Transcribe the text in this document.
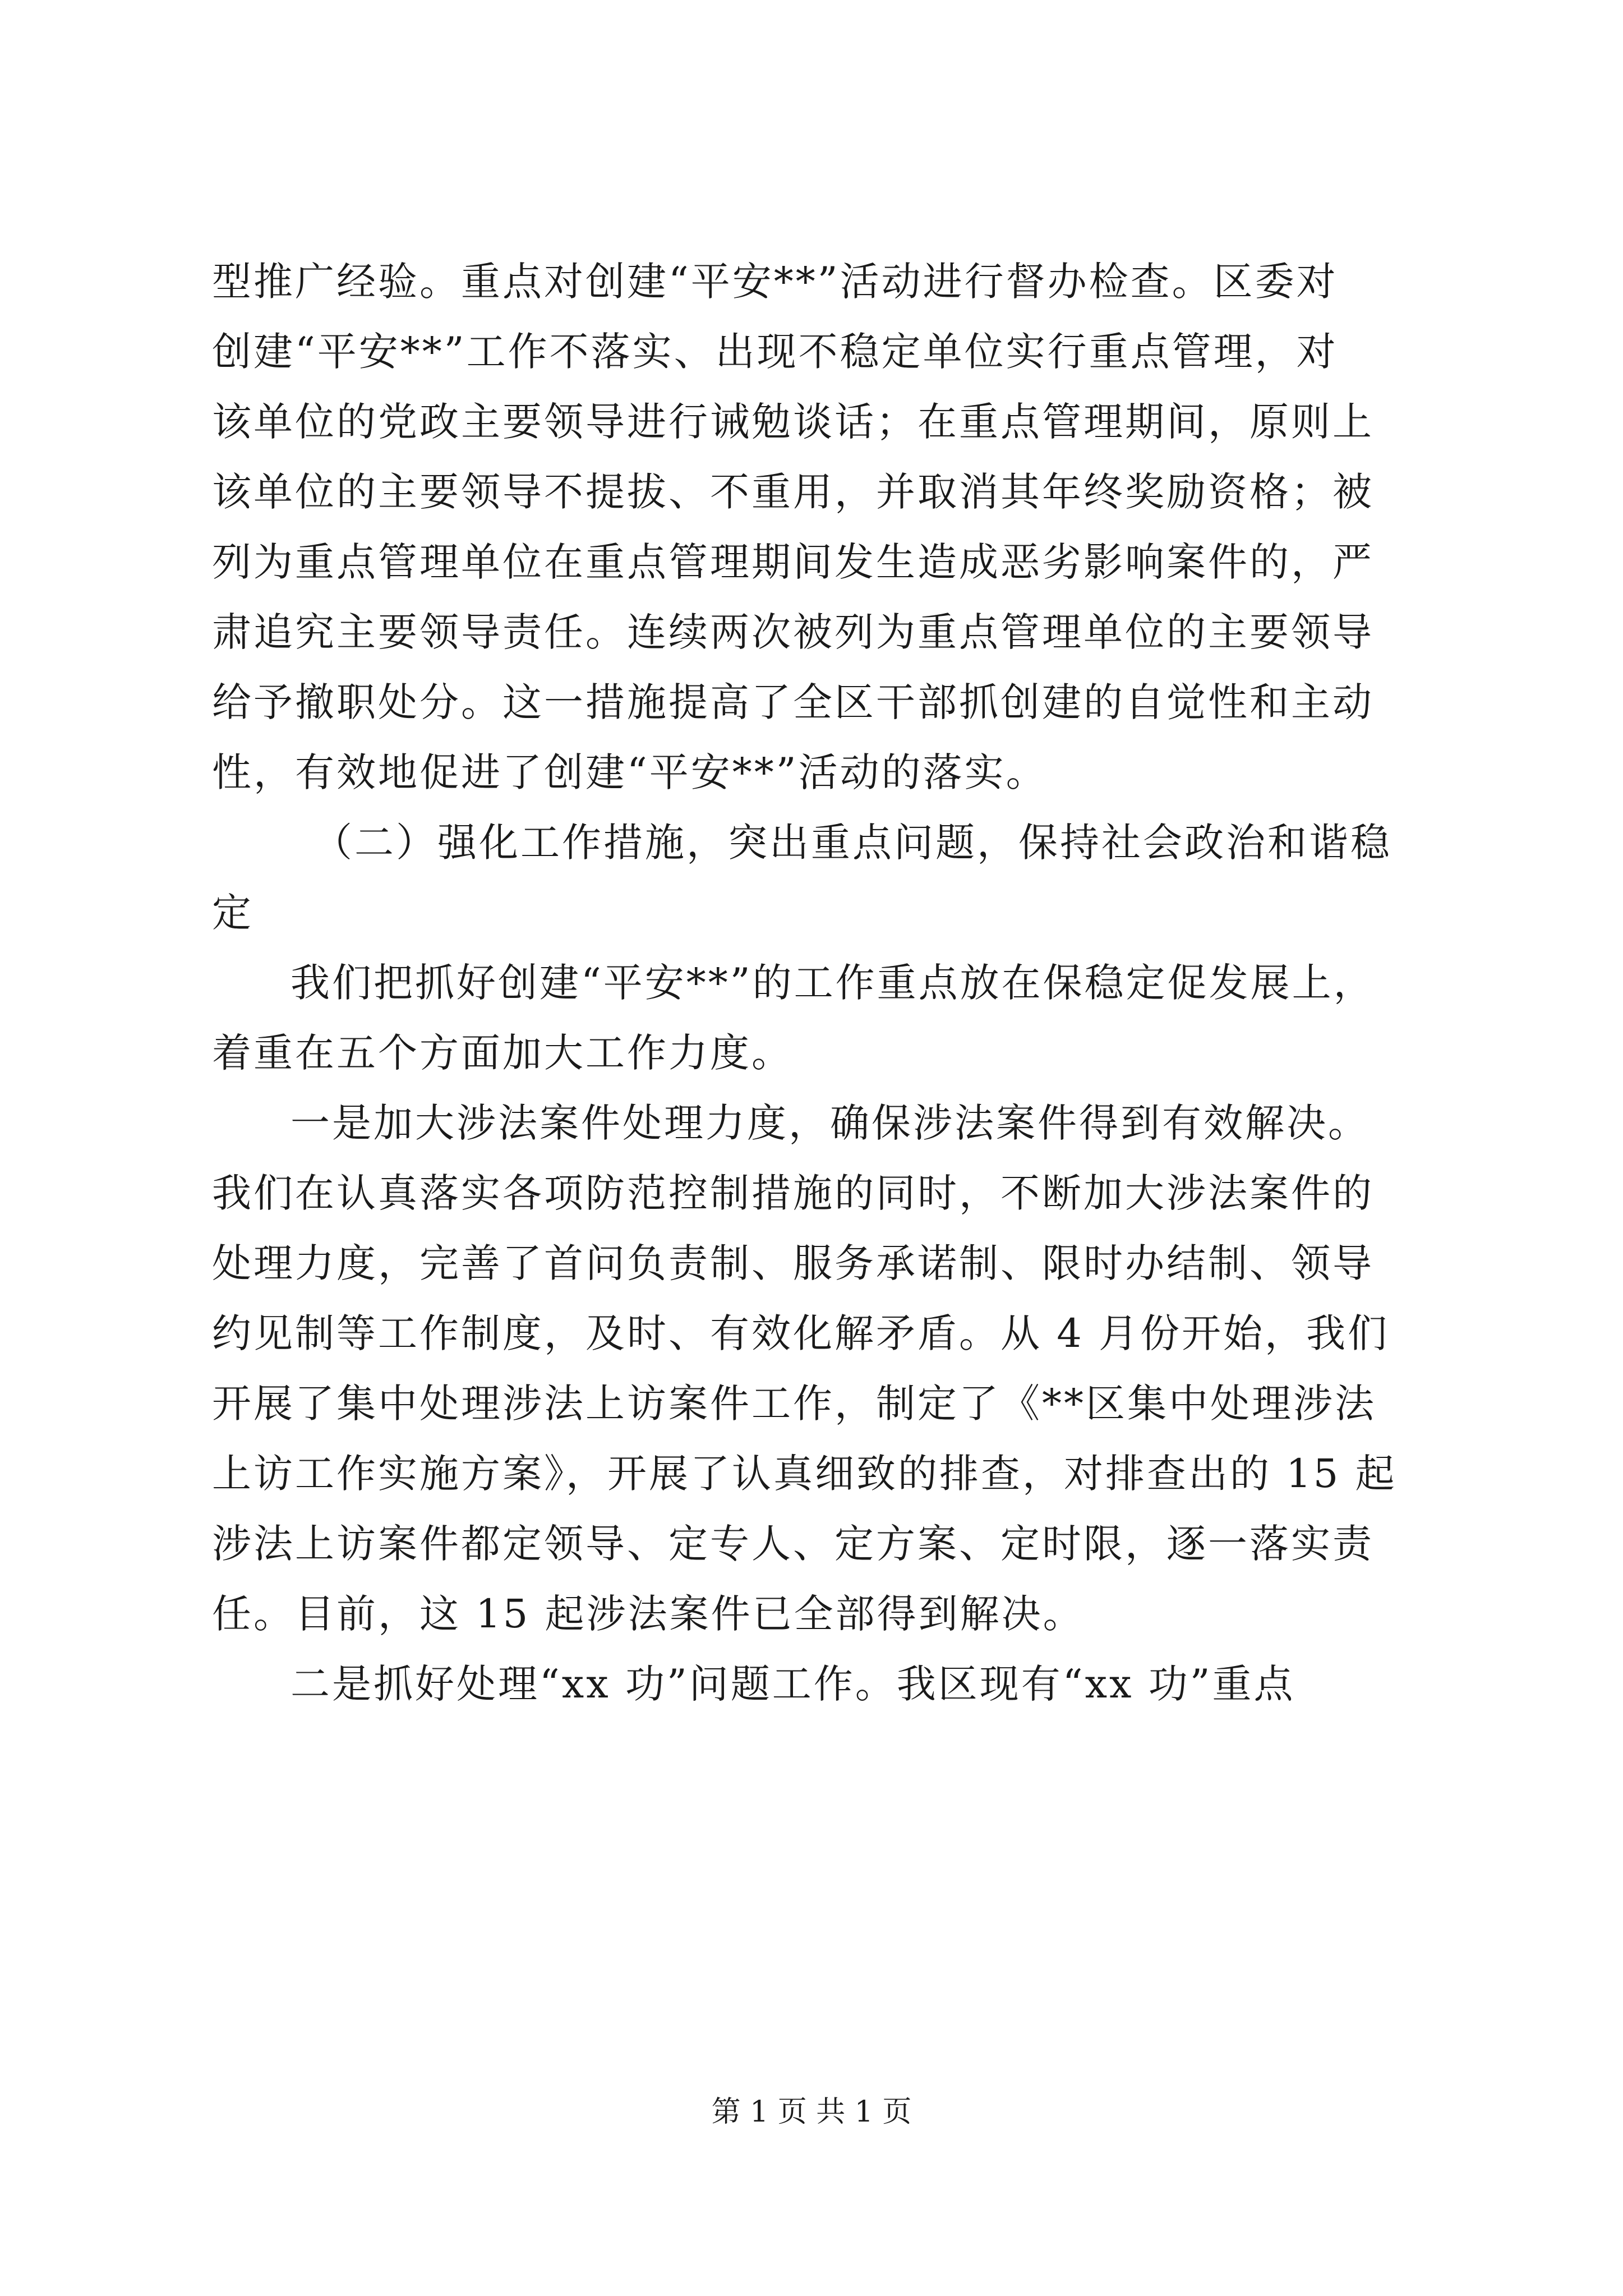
型推广经验。重点对创建“平安**”活动进行督办检查。区委对
创建“平安**”工作不落实、出现不稳定单位实行重点管理，对
该单位的党政主要领导进行诫勉谈话；在重点管理期间，原则上
该单位的主要领导不提拔、不重用，并取消其年终奖励资格；被
列为重点管理单位在重点管理期间发生造成恶劣影响案件的，严
肃追究主要领导责任。连续两次被列为重点管理单位的主要领导
给予撤职处分。这一措施提高了全区干部抓创建的自觉性和主动
性，有效地促进了创建“平安**”活动的落实。
（二）强化工作措施，突出重点问题，保持社会政治和谐稳
定
我们把抓好创建“平安**”的工作重点放在保稳定促发展上，
着重在五个方面加大工作力度。
一是加大涉法案件处理力度，确保涉法案件得到有效解决。
我们在认真落实各项防范控制措施的同时，不断加大涉法案件的
处理力度，完善了首问负责制、服务承诺制、限时办结制、领导
约见制等工作制度，及时、有效化解矛盾。从 4 月份开始，我们
开展了集中处理涉法上访案件工作，制定了《**区集中处理涉法
上访工作实施方案》，开展了认真细致的排查，对排查出的 15 起
涉法上访案件都定领导、定专人、定方案、定时限，逐一落实责
任。目前，这 15 起涉法案件已全部得到解决。
二是抓好处理“xx 功”问题工作。我区现有“xx 功”重点
第 1 页 共 1 页
